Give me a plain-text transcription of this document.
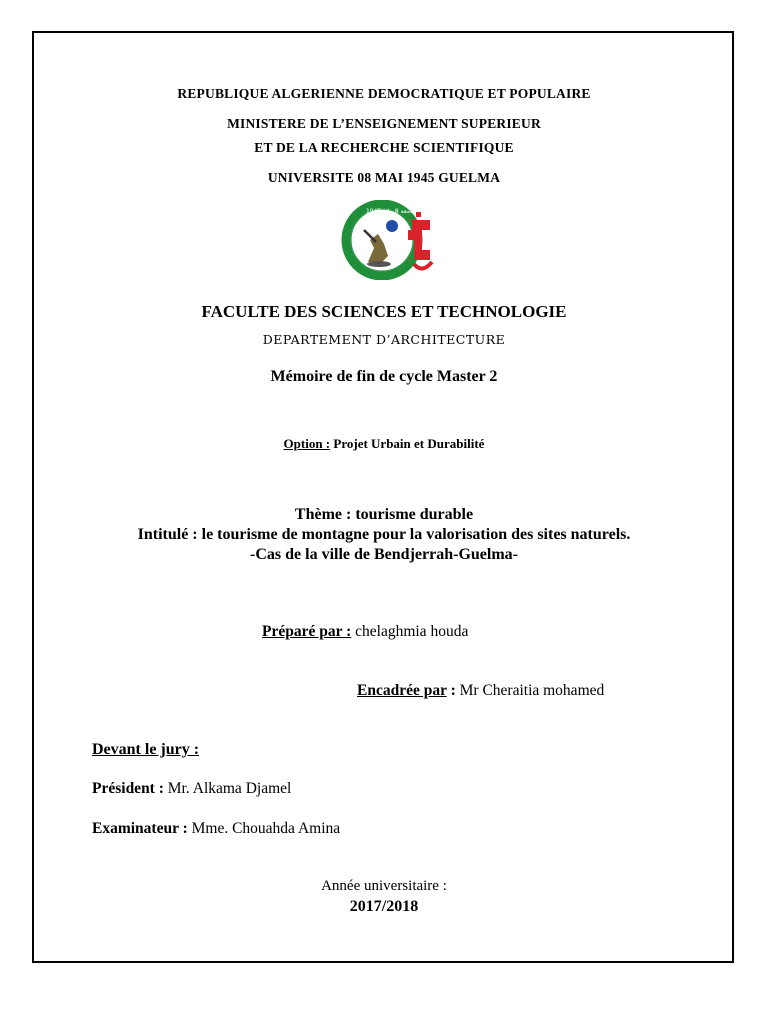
REPUBLIQUE ALGERIENNE DEMOCRATIQUE ET POPULAIRE
MINISTERE DE L’ENSEIGNEMENT SUPERIEUR
ET DE LA RECHERCHE SCIENTIFIQUE
UNIVERSITE 08 MAI 1945 GUELMA
جامعة 8 ماي 1945
FACULTE DES SCIENCES ET TECHNOLOGIE
DEPARTEMENT D’ARCHITECTURE
Mémoire de fin de cycle Master 2
Option : Projet Urbain et Durabilité
Thème : tourisme durable
Intitulé : le tourisme de montagne pour la valorisation des sites naturels.
-Cas de la ville de Bendjerrah-Guelma-
Préparé par : chelaghmia houda
Encadrée par : Mr Cheraitia mohamed
Devant le jury :
Président : Mr. Alkama Djamel
Examinateur : Mme. Chouahda Amina
Année universitaire :
2017/2018
